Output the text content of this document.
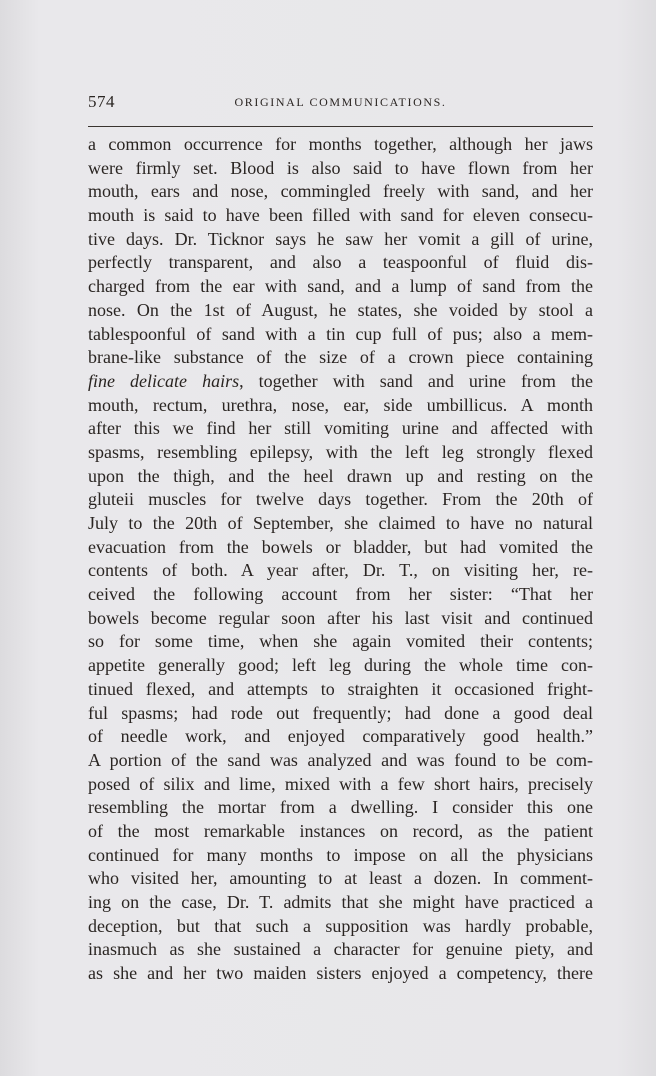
574	ORIGINAL COMMUNICATIONS.
a common occurrence for months together, although her jaws
were firmly set. Blood is also said to have flown from her
mouth, ears and nose, commingled freely with sand, and her
mouth is said to have been filled with sand for eleven consecu-
tive days. Dr. Ticknor says he saw her vomit a gill of urine,
perfectly transparent, and also a teaspoonful of fluid dis-
charged from the ear with sand, and a lump of sand from the
nose. On the 1st of August, he states, she voided by stool a
tablespoonful of sand with a tin cup full of pus; also a mem-
brane-like substance of the size of a crown piece containing
fine delicate hairs, together with sand and urine from the
mouth, rectum, urethra, nose, ear, side umbillicus. A month
after this we find her still vomiting urine and affected with
spasms, resembling epilepsy, with the left leg strongly flexed
upon the thigh, and the heel drawn up and resting on the
gluteii muscles for twelve days together. From the 20th of
July to the 20th of September, she claimed to have no natural
evacuation from the bowels or bladder, but had vomited the
contents of both. A year after, Dr. T., on visiting her, re-
ceived the following account from her sister: “That her
bowels become regular soon after his last visit and continued
so for some time, when she again vomited their contents;
appetite generally good; left leg during the whole time con-
tinued flexed, and attempts to straighten it occasioned fright-
ful spasms; had rode out frequently; had done a good deal
of needle work, and enjoyed comparatively good health.”
A portion of the sand was analyzed and was found to be com-
posed of silix and lime, mixed with a few short hairs, precisely
resembling the mortar from a dwelling. I consider this one
of the most remarkable instances on record, as the patient
continued for many months to impose on all the physicians
who visited her, amounting to at least a dozen. In comment-
ing on the case, Dr. T. admits that she might have practiced a
deception, but that such a supposition was hardly probable,
inasmuch as she sustained a character for genuine piety, and
as she and her two maiden sisters enjoyed a competency, there
